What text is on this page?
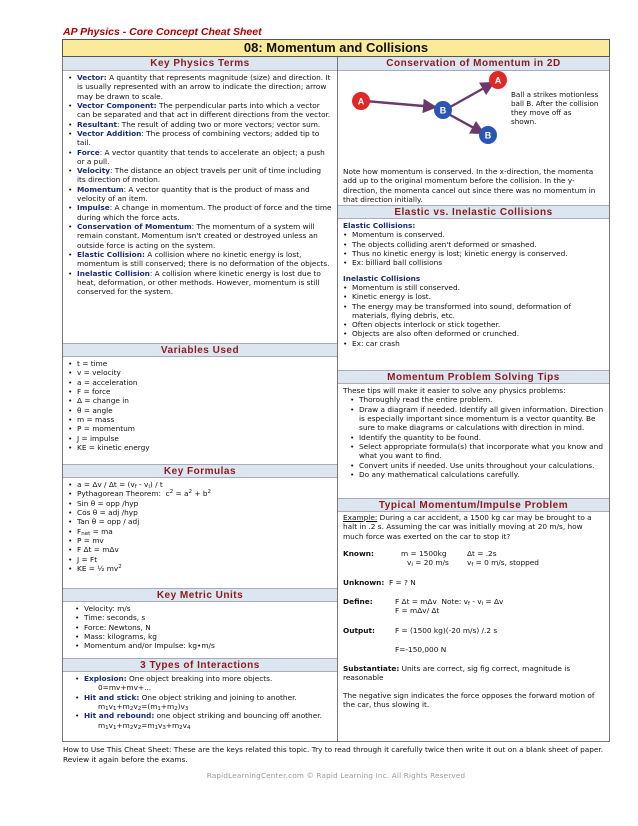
AP Physics - Core Concept Cheat Sheet
08: Momentum and Collisions
Key Physics Terms
• Vector: A quantity that represents magnitude (size) and direction. It is usually represented with an arrow to indicate the direction; arrow may be drawn to scale.
• Vector Component: The perpendicular parts into which a vector can be separated and that act in different directions from the vector.
• Resultant: The result of adding two or more vectors; vector sum.
• Vector Addition: The process of combining vectors; added tip to tail.
• Force: A vector quantity that tends to accelerate an object; a push or a pull.
• Velocity: The distance an object travels per unit of time including its direction of motion.
• Momentum: A vector quantity that is the product of mass and velocity of an item.
• Impulse: A change in momentum. The product of force and the time during which the force acts.
• Conservation of Momentum: The momentum of a system will remain constant. Momentum isn't created or destroyed unless an outside force is acting on the system.
• Elastic Collision: A collision where no kinetic energy is lost, momentum is still conserved; there is no deformation of the objects.
• Inelastic Collision: A collision where kinetic energy is lost due to heat, deformation, or other methods. However, momentum is still conserved for the system.
Variables Used
• t = time
• v = velocity
• a = acceleration
• F = force
• Δ = change in
• θ = angle
• m = mass
• P = momentum
• J = impulse
• KE = kinetic energy
Key Formulas
• $a = \Delta v / \Delta t = (v_f - v_i) / t$
• Pythagorean Theorem:  $c^2 = a^2 + b^2$
• Sin θ = opp /hyp
• Cos θ = adj /hyp
• Tan θ = opp / adj
• $F_{net}$ = ma
• P = mv
• F Δt = mΔv
• J = Ft
• KE = ½ $mv^2$
Key Metric Units
• Velocity: m/s
• Time: seconds, s
• Force: Newtons, N
• Mass: kilograms, kg
• Momentum and/or Impulse: kg•m/s
3 Types of Interactions
• Explosion: One object breaking into more objects.
0=mv+mv+...
• Hit and stick: One object striking and joining to another.
$m_1v_1+m_2v_2=(m_1+m_2)v_3$
• Hit and rebound: one object striking and bouncing off another.
$m_1v_1+m_2v_2=m_1v_3+m_2v_4$
Conservation of Momentum in 2D
A
B
A
B
Ball a strikes motionless ball B. After the collision they move off as shown.

Note how momentum is conserved. In the x-direction, the momenta add up to the original momentum before the collision. In the y-direction, the momenta cancel out since there was no momentum in that direction initially.

Elastic vs. Inelastic Collisions
Elastic Collisions:
• Momentum is conserved.
• The objects colliding aren't deformed or smashed.
• Thus no kinetic energy is lost; kinetic energy is conserved.
• Ex: billiard ball collisions
Inelastic Collisions
• Momentum is still conserved.
• Kinetic energy is lost.
• The energy may be transformed into sound, deformation of materials, flying debris, etc.
• Often objects interlock or stick together.
• Objects are also often deformed or crunched.
• Ex: car crash
Momentum Problem Solving Tips

These tips will make it easier to solve any physics problems:

• Thoroughly read the entire problem.
• Draw a diagram if needed. Identify all given information. Direction is especially important since momentum is a vector quantity. Be sure to make diagrams or calculations with direction in mind.
• Identify the quantity to be found.
• Select appropriate formula(s) that incorporate what you know and what you want to find.
• Convert units if needed. Use units throughout your calculations.
• Do any mathematical calculations carefully.
Typical Momentum/Impulse Problem

Example: During a car accident, a 1500 kg car may be brought to a halt in .2 s. Assuming the car was initially moving at 20 m/s, how much force was exerted on the car to stop it?

Known:	m = 1500kg	Δt = .2s
$v_i = 20$ m/s	$v_f = 0$ m/s, stopped
Unknown: F = ? N
Define:	F Δt = mΔv  Note: $v_f - v_i = \Delta v$
F = mΔv/ Δt
Output:	F = (1500 kg)(-20 m/s) /.2 s
F=-150,000 N

Substantiate: Units are correct, sig fig correct, magnitude is reasonable

The negative sign indicates the force opposes the forward motion of the car, thus slowing it.

How to Use This Cheat Sheet: These are the keys related this topic. Try to read through it carefully twice then write it out on a blank sheet of paper. Review it again before the exams.
RapidLearningCenter.com © Rapid Learning Inc. All Rights Reserved
